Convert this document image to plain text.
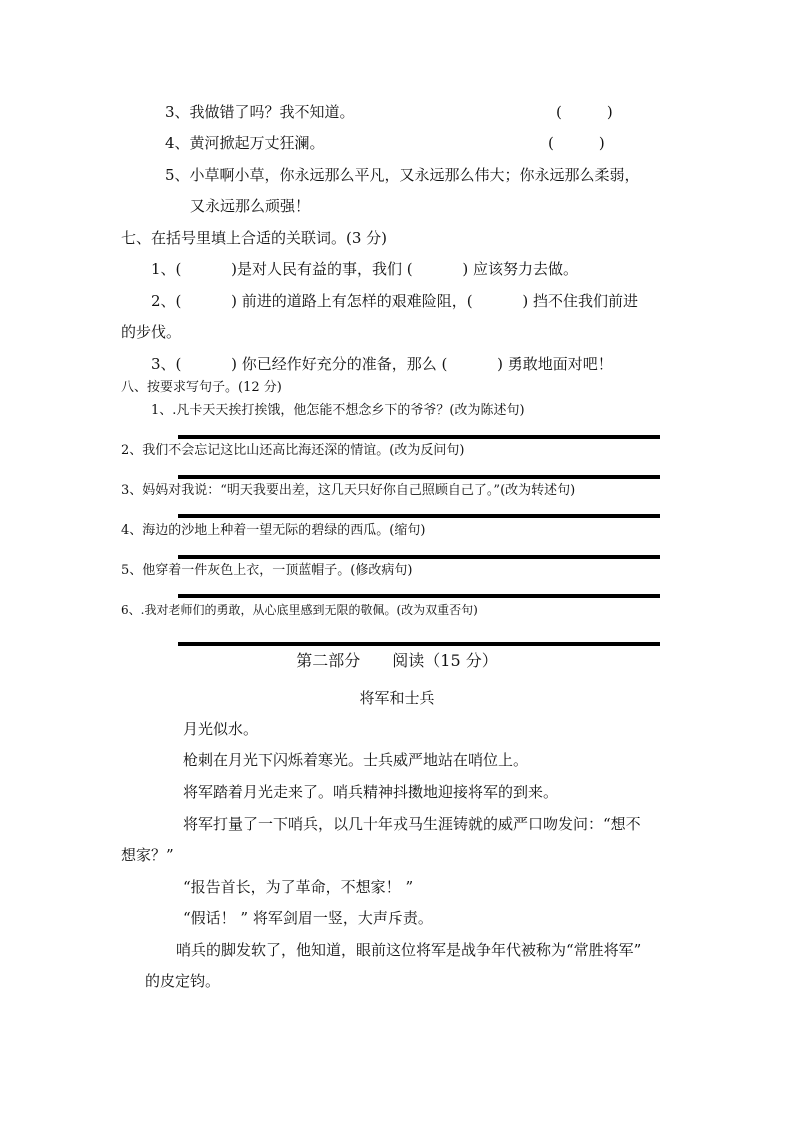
3、我做错了吗？我不知道。	(　　　)
4、黄河掀起万丈狂澜。	(　　　)
5、小草啊小草，你永远那么平凡，又永远那么伟大；你永远那么柔弱，
又永远那么顽强！
七、在括号里填上合适的关联词。(3 分)
1、(　　　 )是对人民有益的事，我们 (　　　 ) 应该努力去做。
2、(　　　 ) 前进的道路上有怎样的艰难险阻，(　　　 ) 挡不住我们前进
的步伐。
3、(　　　 ) 你已经作好充分的准备，那么 (　　　 ) 勇敢地面对吧！
八、按要求写句子。(12 分)
1、.凡卡天天挨打挨饿，他怎能不想念乡下的爷爷？(改为陈述句)
2、我们不会忘记这比山还高比海还深的情谊。(改为反问句)
3、妈妈对我说：“明天我要出差，这几天只好你自己照顾自己了。”(改为转述句)
4、海边的沙地上种着一望无际的碧绿的西瓜。(缩句)
5、他穿着一件灰色上衣，一顶蓝帽子。(修改病句)
6、.我对老师们的勇敢，从心底里感到无限的敬佩。(改为双重否句)
第二部分　　阅读（15 分）
将军和士兵
月光似水。
枪刺在月光下闪烁着寒光。士兵威严地站在哨位上。
将军踏着月光走来了。哨兵精神抖擞地迎接将军的到来。
将军打量了一下哨兵，以几十年戎马生涯铸就的威严口吻发问：“想不
想家？”
“报告首长，为了革命，不想家！ ”
“假话！ ” 将军剑眉一竖，大声斥责。
哨兵的脚发软了，他知道，眼前这位将军是战争年代被称为“常胜将军”
的皮定钧。
